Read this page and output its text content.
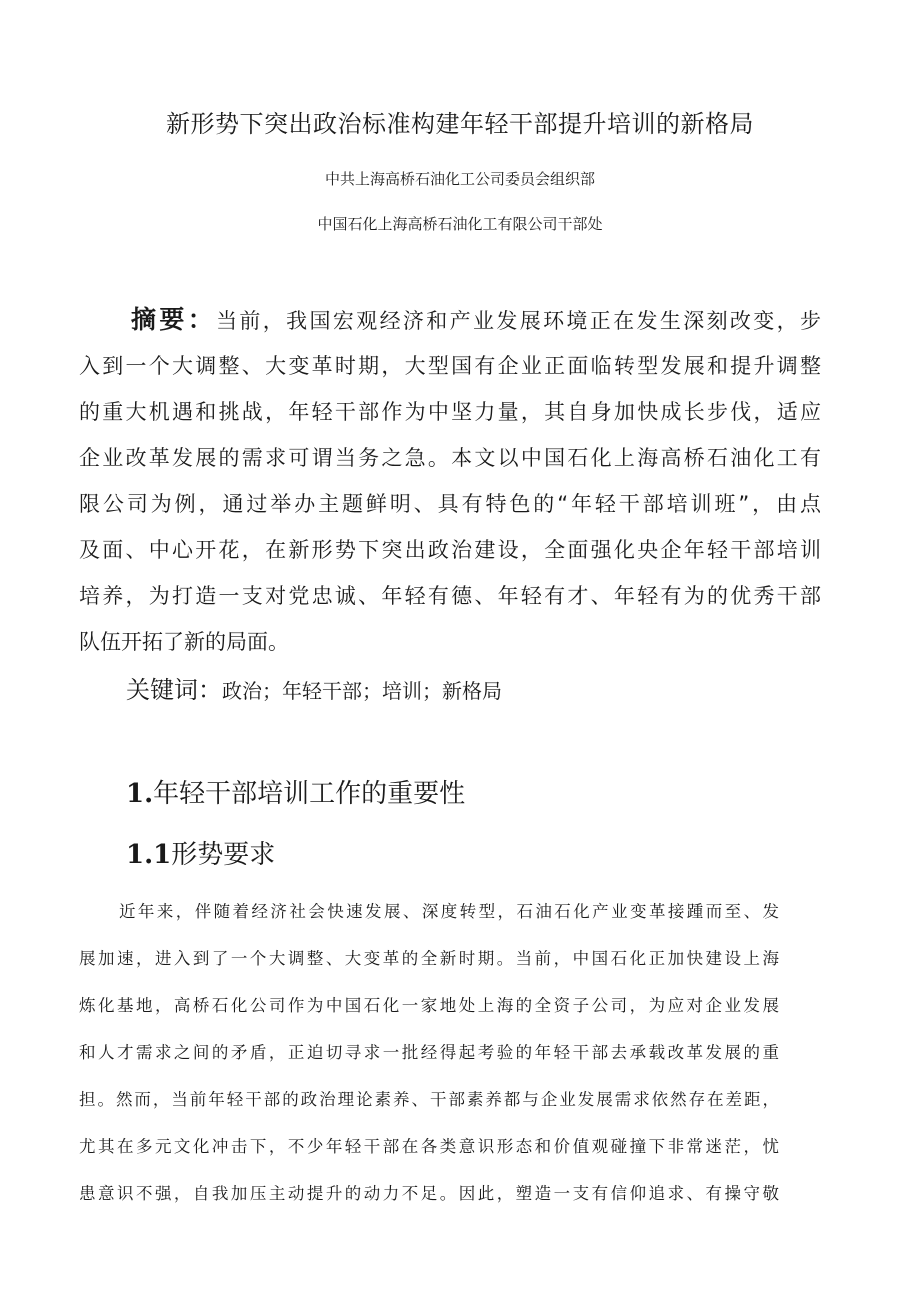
新形势下突出政治标准构建年轻干部提升培训的新格局
中共上海高桥石油化工公司委员会组织部
中国石化上海高桥石油化工有限公司干部处
摘要：当前，我国宏观经济和产业发展环境正在发生深刻改变，步
入到一个大调整、大变革时期，大型国有企业正面临转型发展和提升调整
的重大机遇和挑战，年轻干部作为中坚力量，其自身加快成长步伐，适应
企业改革发展的需求可谓当务之急。本文以中国石化上海高桥石油化工有
限公司为例，通过举办主题鲜明、具有特色的“年轻干部培训班”，由点
及面、中心开花，在新形势下突出政治建设，全面强化央企年轻干部培训
培养，为打造一支对党忠诚、年轻有德、年轻有才、年轻有为的优秀干部
队伍开拓了新的局面。
关键词：政治；年轻干部；培训；新格局
1.年轻干部培训工作的重要性
1.1形势要求
近年来，伴随着经济社会快速发展、深度转型，石油石化产业变革接踵而至、发
展加速，进入到了一个大调整、大变革的全新时期。当前，中国石化正加快建设上海
炼化基地，高桥石化公司作为中国石化一家地处上海的全资子公司，为应对企业发展
和人才需求之间的矛盾，正迫切寻求一批经得起考验的年轻干部去承载改革发展的重
担。然而，当前年轻干部的政治理论素养、干部素养都与企业发展需求依然存在差距，
尤其在多元文化冲击下，不少年轻干部在各类意识形态和价值观碰撞下非常迷茫，忧
患意识不强，自我加压主动提升的动力不足。因此，塑造一支有信仰追求、有操守敬
